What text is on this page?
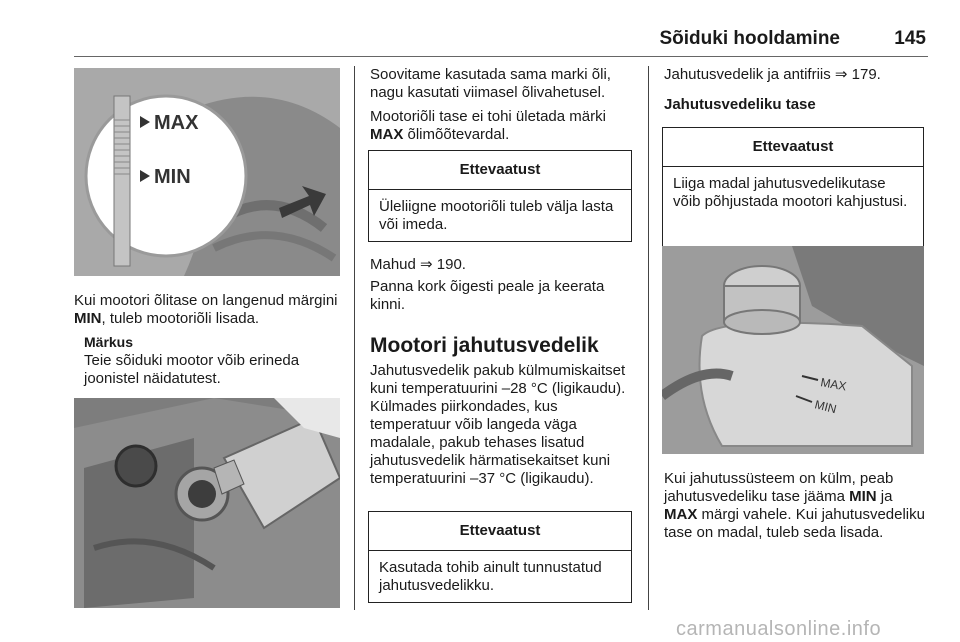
Sõiduki hooldamine	145
MAX
MIN
Kui mootori õlitase on langenud märgini MIN, tuleb mootoriõli lisada.
Märkus
Teie sõiduki mootor võib erineda joonistel näidatutest.
Soovitame kasutada sama marki õli, nagu kasutati viimasel õlivahetusel.
Mootoriõli tase ei tohi ületada märki MAX õlimõõtevardal.
Ettevaatust
Üleliigne mootoriõli tuleb välja lasta või imeda.
Mahud ⇒ 190.
Panna kork õigesti peale ja keerata kinni.
Mootori jahutusvedelik
Jahutusvedelik pakub külmumiskaitset kuni temperatuurini –28 °C (ligikaudu). Külmades piirkondades, kus temperatuur võib langeda väga madalale, pakub tehases lisatud jahutusvedelik härmatisekaitset kuni temperatuurini –37 °C (ligikaudu).
Ettevaatust
Kasutada tohib ainult tunnustatud jahutusvedelikku.
Jahutusvedelik ja antifriis ⇒ 179.
Jahutusvedeliku tase
Ettevaatust
Liiga madal jahutusvedelikutase võib põhjustada mootori kahjustusi.
MAX
MIN
Kui jahutussüsteem on külm, peab jahutusvedeliku tase jääma MIN ja MAX märgi vahele. Kui jahutusvedeliku tase on madal, tuleb seda lisada.
carmanualsonline.info
